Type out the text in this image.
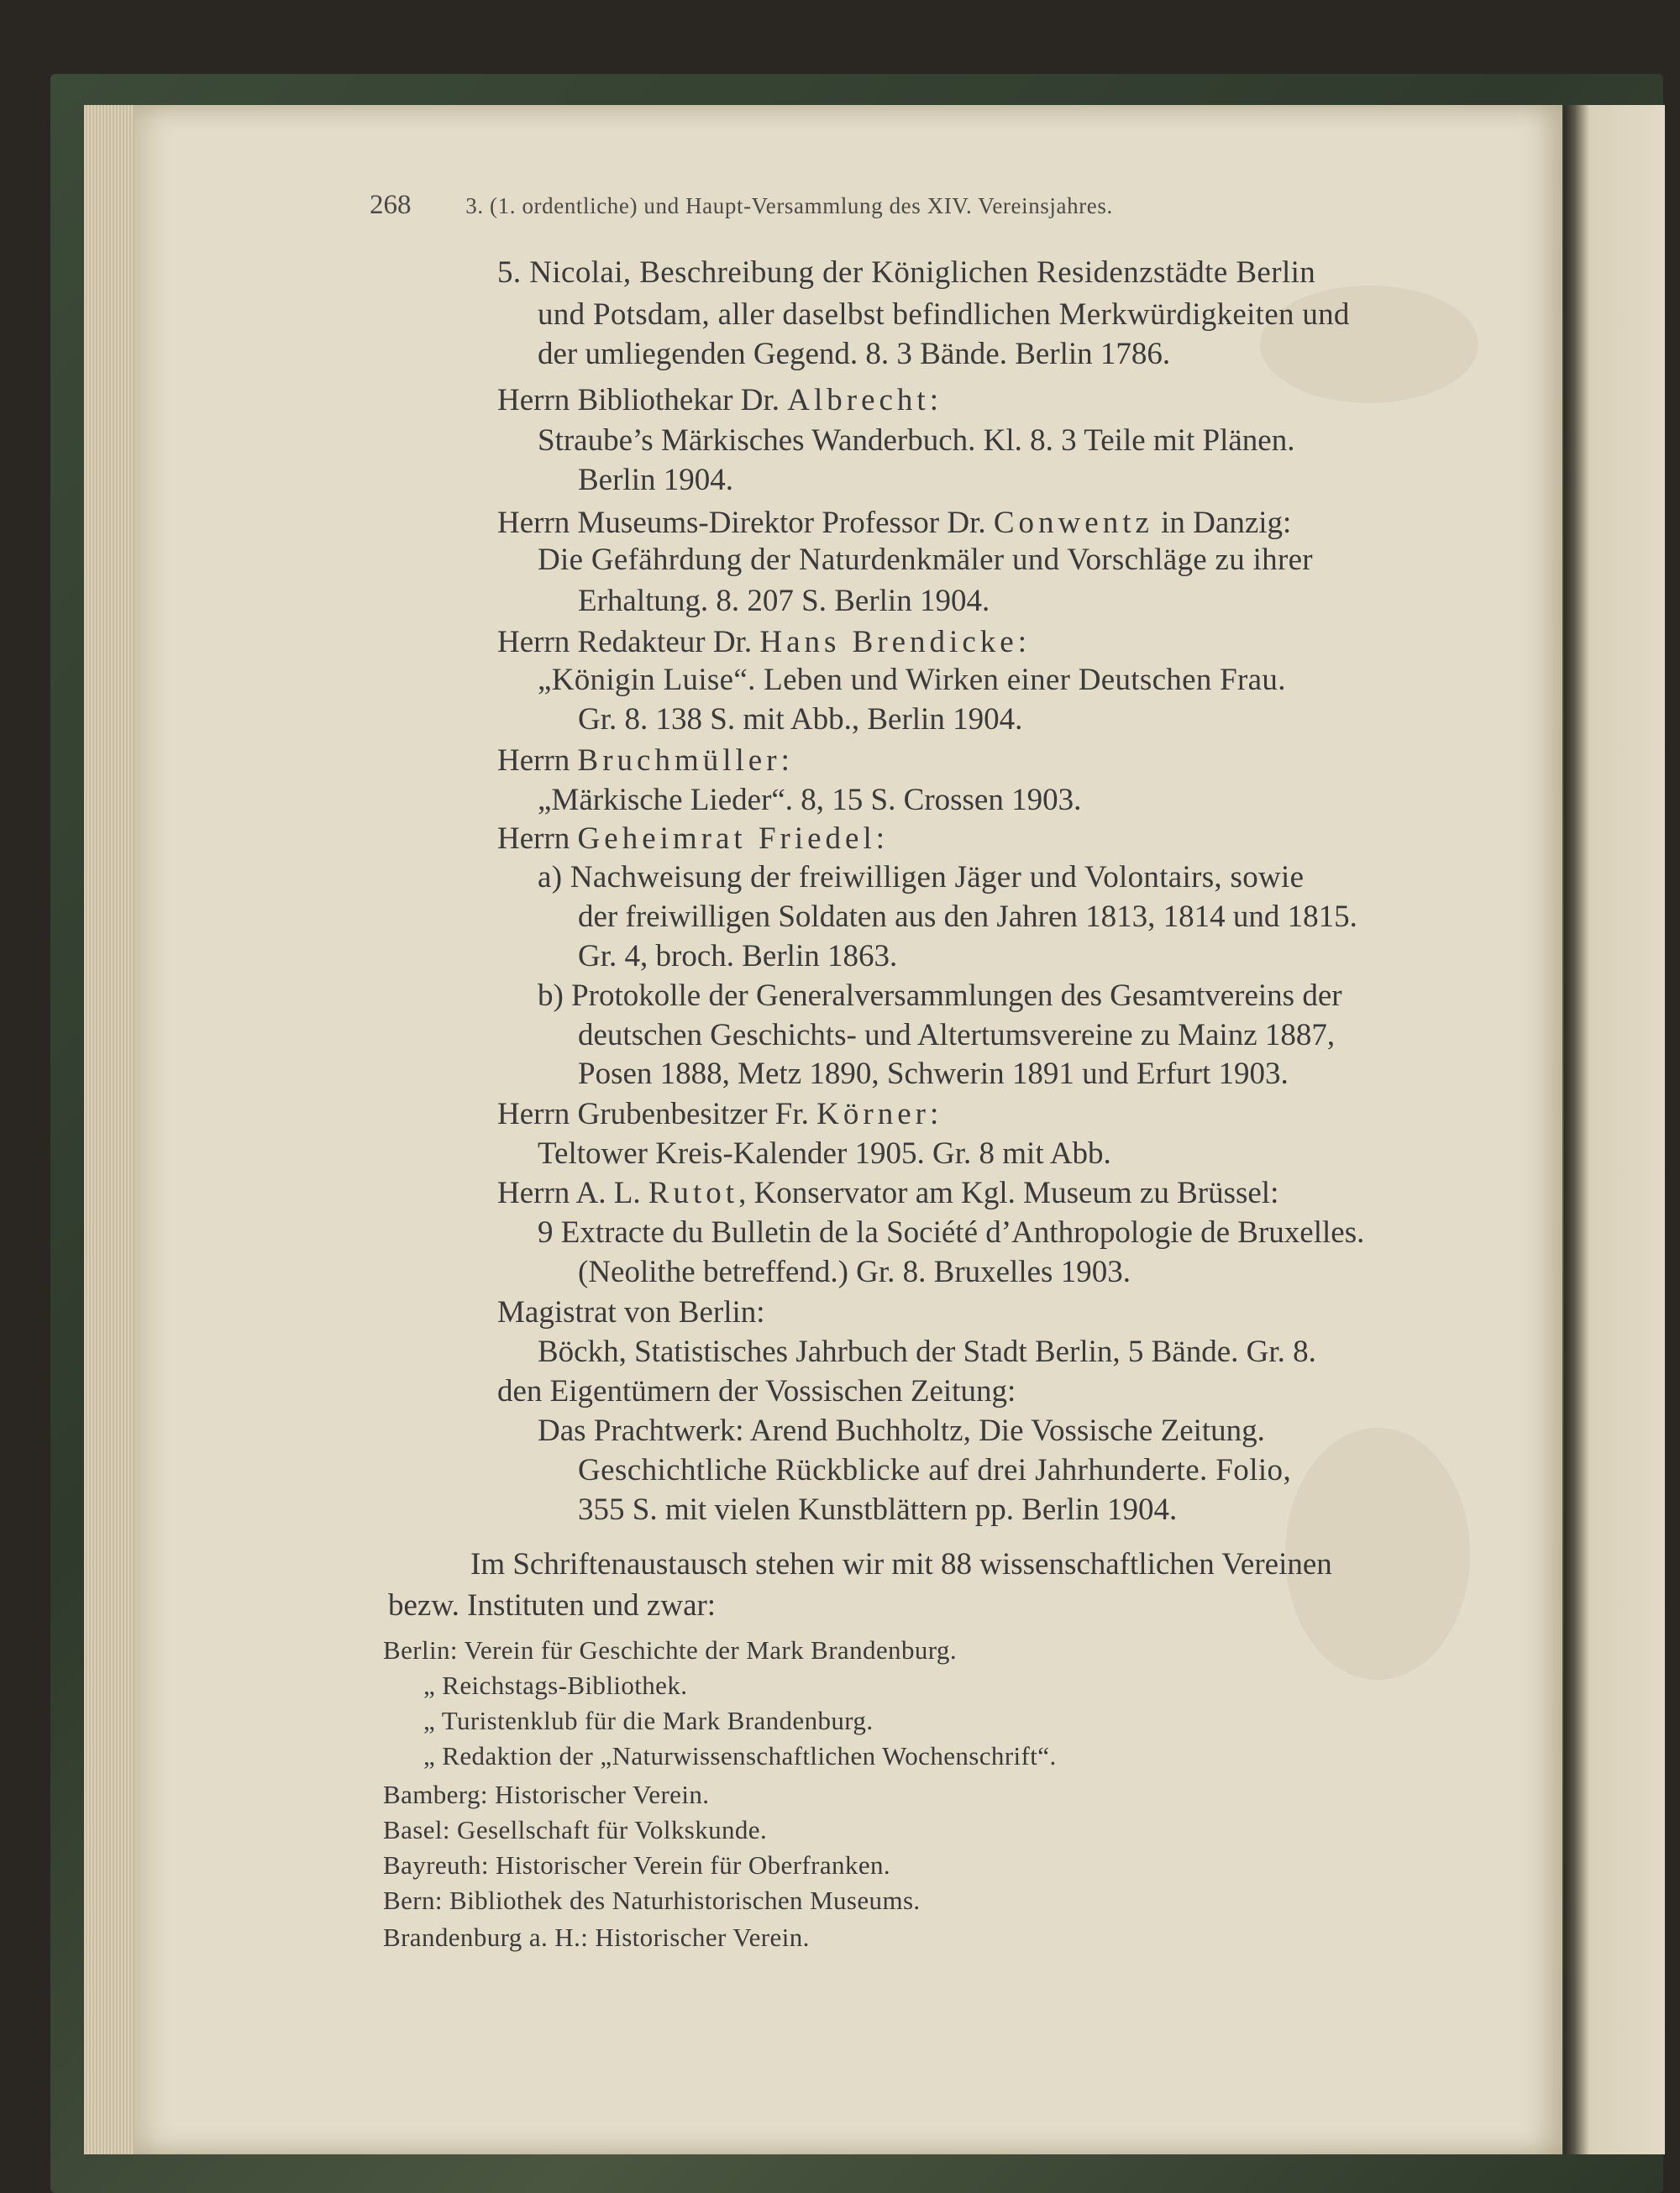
268 3. (1. ordentliche) und Haupt-Versammlung des XIV. Vereinsjahres.
5. Nicolai, Beschreibung der Königlichen Residenzstädte Berlin
und Potsdam, aller daselbst befindlichen Merkwürdigkeiten und
der umliegenden Gegend. 8. 3 Bände. Berlin 1786.
Herrn Bibliothekar Dr. Albrecht:
Straube’s Märkisches Wanderbuch. Kl. 8. 3 Teile mit Plänen.
Berlin 1904.
Herrn Museums-Direktor Professor Dr. Conwentz in Danzig:
Die Gefährdung der Naturdenkmäler und Vorschläge zu ihrer
Erhaltung. 8. 207 S. Berlin 1904.
Herrn Redakteur Dr. Hans Brendicke:
„Königin Luise“. Leben und Wirken einer Deutschen Frau.
Gr. 8. 138 S. mit Abb., Berlin 1904.
Herrn Bruchmüller:
„Märkische Lieder“. 8, 15 S. Crossen 1903.
Herrn Geheimrat Friedel:
a) Nachweisung der freiwilligen Jäger und Volontairs, sowie
der freiwilligen Soldaten aus den Jahren 1813, 1814 und 1815.
Gr. 4, broch. Berlin 1863.
b) Protokolle der Generalversammlungen des Gesamtvereins der
deutschen Geschichts- und Altertumsvereine zu Mainz 1887,
Posen 1888, Metz 1890, Schwerin 1891 und Erfurt 1903.
Herrn Grubenbesitzer Fr. Körner:
Teltower Kreis-Kalender 1905. Gr. 8 mit Abb.
Herrn A. L. Rutot, Konservator am Kgl. Museum zu Brüssel:
9 Extracte du Bulletin de la Société d’Anthropologie de Bruxelles.
(Neolithe betreffend.) Gr. 8. Bruxelles 1903.
Magistrat von Berlin:
Böckh, Statistisches Jahrbuch der Stadt Berlin, 5 Bände. Gr. 8.
den Eigentümern der Vossischen Zeitung:
Das Prachtwerk: Arend Buchholtz, Die Vossische Zeitung.
Geschichtliche Rückblicke auf drei Jahrhunderte. Folio,
355 S. mit vielen Kunstblättern pp. Berlin 1904.
Im Schriftenaustausch stehen wir mit 88 wissenschaftlichen Vereinen
bezw. Instituten und zwar:
Berlin: Verein für Geschichte der Mark Brandenburg.
„ Reichstags-Bibliothek.
„ Turistenklub für die Mark Brandenburg.
„ Redaktion der „Naturwissenschaftlichen Wochenschrift“.
Bamberg: Historischer Verein.
Basel: Gesellschaft für Volkskunde.
Bayreuth: Historischer Verein für Oberfranken.
Bern: Bibliothek des Naturhistorischen Museums.
Brandenburg a. H.: Historischer Verein.
